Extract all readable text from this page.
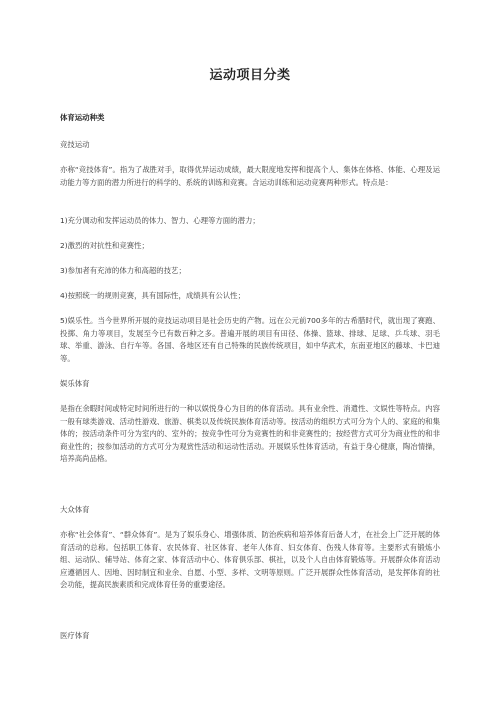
运动项目分类

体育运动种类

竞技运动

亦称“竞技体育”。指为了战胜对手，取得优异运动成绩，最大限度地发挥和提高个人、集体在体格、体能、心理及运动能力等方面的潜力所进行的科学的、系统的训练和竞赛。含运动训练和运动竞赛两种形式。特点是：

1)充分调动和发挥运动员的体力、智力、心理等方面的潜力；

2)激烈的对抗性和竞赛性；

3)参加者有充沛的体力和高超的技艺；

4)按照统一的规则竞赛，具有国际性，成绩具有公认性；

5)娱乐性。当今世界所开展的竞技运动项目是社会历史的产物。远在公元前700多年的古希腊时代，就出现了赛跑、投掷、角力等项目，发展至今已有数百种之多。普遍开展的项目有田径、体操、篮球、排球、足球、乒乓球、羽毛球、举重、游泳、自行车等。各国、各地区还有自己特殊的民族传统项目，如中华武术，东南亚地区的藤球、卡巴迪等。

娱乐体育

是指在余暇时间或特定时间所进行的一种以娱悦身心为目的的体育活动。具有业余性、消遣性、文娱性等特点。内容一般有球类游戏、活动性游戏、旅游、棋类以及传统民族体育活动等。按活动的组织方式可分为个人的、家庭的和集体的；按活动条件可分为室内的、室外的；按竞争性可分为竞赛性的和非竞赛性的；按经营方式可分为商业性的和非商业性的；按参加活动的方式可分为观赏性活动和运动性活动。开展娱乐性体育活动，有益于身心健康，陶冶情操，培养高尚品格。

大众体育

亦称“社会体育”、“群众体育”。是为了娱乐身心、增强体质、防治疾病和培养体育后备人才，在社会上广泛开展的体育活动的总称。包括职工体育、农民体育、社区体育、老年人体育、妇女体育、伤残人体育等。主要形式有锻炼小组、运动队、辅导站、体育之家、体育活动中心、体育俱乐部、棋社，以及个人自由体育锻炼等。开展群众体育活动应遵循因人、因地、因时制宜和业余、自愿、小型、多样、文明等原则。广泛开展群众性体育活动，是发挥体育的社会功能，提高民族素质和完成体育任务的重要途径。

医疗体育
